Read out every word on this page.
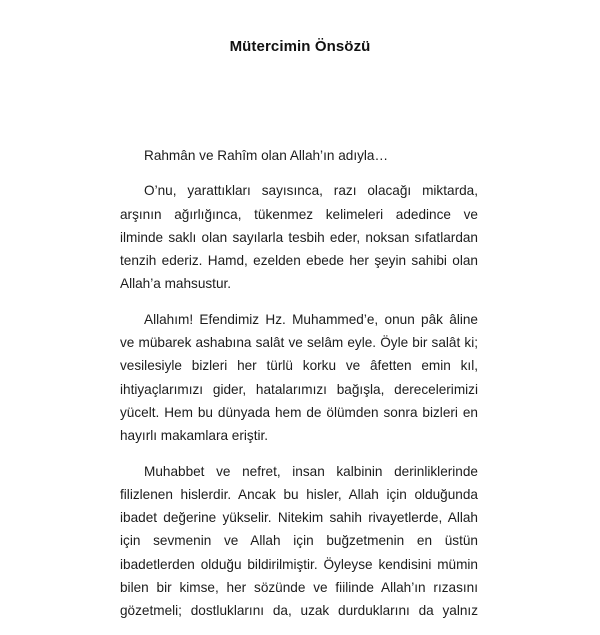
Mütercimin Önsözü

Rahmân ve Rahîm olan Allah’ın adıyla…

O’nu, yarattıkları sayısınca, razı olacağı miktarda, arşının ağırlığınca, tükenmez kelimeleri adedince ve ilminde saklı olan sayılarla tesbih eder, noksan sıfatlardan tenzih ederiz. Hamd, ezelden ebede her şeyin sahibi olan Allah’a mahsustur.

Allahım! Efendimiz Hz. Muhammed’e, onun pâk âline ve mübarek ashabına salât ve selâm eyle. Öyle bir salât ki; vesilesiyle bizleri her türlü korku ve âfetten emin kıl, ihtiyaçlarımızı gider, hatalarımızı bağışla, derecelerimizi yücelt. Hem bu dünyada hem de ölümden sonra bizleri en hayırlı makamlara eriştir.

Muhabbet ve nefret, insan kalbinin derinliklerinde filizlenen hislerdir. Ancak bu hisler, Allah için olduğunda ibadet değerine yükselir. Nitekim sahih rivayetlerde, Allah için sevmenin ve Allah için buğzetmenin en üstün ibadetlerden olduğu bildirilmiştir. Öyleyse kendisini mümin bilen bir kimse, her sözünde ve fiilinde Allah’ın rızasını gözetmeli; dostluklarını da, uzak durduklarını da yalnız
